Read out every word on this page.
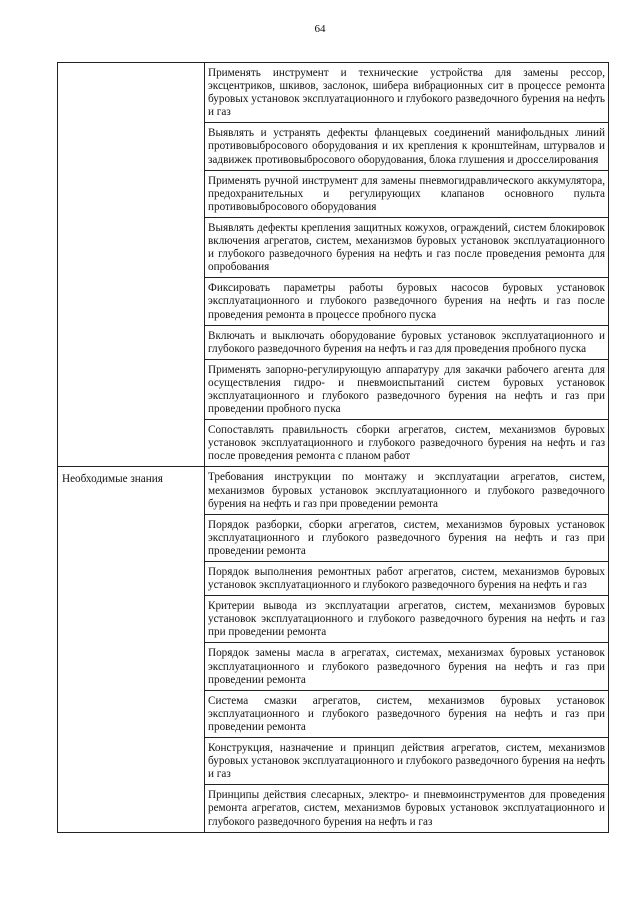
64
	Применять инструмент и технические устройства для замены рессор, эксцентриков, шкивов, заслонок, шибера вибрационных сит в процессе ремонта буровых установок эксплуатационного и глубокого разведочного бурения на нефть и газ
	Выявлять и устранять дефекты фланцевых соединений манифольдных линий противовыбросового оборудования и их крепления к кронштейнам, штурвалов и задвижек противовыбросового оборудования, блока глушения и дросселирования
	Применять ручной инструмент для замены пневмогидравлического аккумулятора, предохранительных и регулирующих клапанов основного пульта противовыбросового оборудования
	Выявлять дефекты крепления защитных кожухов, ограждений, систем блокировок включения агрегатов, систем, механизмов буровых установок эксплуатационного и глубокого разведочного бурения на нефть и газ после проведения ремонта для опробования
	Фиксировать параметры работы буровых насосов буровых установок эксплуатационного и глубокого разведочного бурения на нефть и газ после проведения ремонта в процессе пробного пуска
	Включать и выключать оборудование буровых установок эксплуатационного и глубокого разведочного бурения на нефть и газ для проведения пробного пуска
	Применять запорно-регулирующую аппаратуру для закачки рабочего агента для осуществления гидро- и пневмоиспытаний систем буровых установок эксплуатационного и глубокого разведочного бурения на нефть и газ при проведении пробного пуска
	Сопоставлять правильность сборки агрегатов, систем, механизмов буровых установок эксплуатационного и глубокого разведочного бурения на нефть и газ после проведения ремонта с планом работ
Необходимые знания	Требования инструкции по монтажу и эксплуатации агрегатов, систем, механизмов буровых установок эксплуатационного и глубокого разведочного бурения на нефть и газ при проведении ремонта
	Порядок разборки, сборки агрегатов, систем, механизмов буровых установок эксплуатационного и глубокого разведочного бурения на нефть и газ при проведении ремонта
	Порядок выполнения ремонтных работ агрегатов, систем, механизмов буровых установок эксплуатационного и глубокого разведочного бурения на нефть и газ
	Критерии вывода из эксплуатации агрегатов, систем, механизмов буровых установок эксплуатационного и глубокого разведочного бурения на нефть и газ при проведении ремонта
	Порядок замены масла в агрегатах, системах, механизмах буровых установок эксплуатационного и глубокого разведочного бурения на нефть и газ при проведении ремонта
	Система смазки агрегатов, систем, механизмов буровых установок эксплуатационного и глубокого разведочного бурения на нефть и газ при проведении ремонта
	Конструкция, назначение и принцип действия агрегатов, систем, механизмов буровых установок эксплуатационного и глубокого разведочного бурения на нефть и газ
	Принципы действия слесарных, электро- и пневмоинструментов для проведения ремонта агрегатов, систем, механизмов буровых установок эксплуатационного и глубокого разведочного бурения на нефть и газ
